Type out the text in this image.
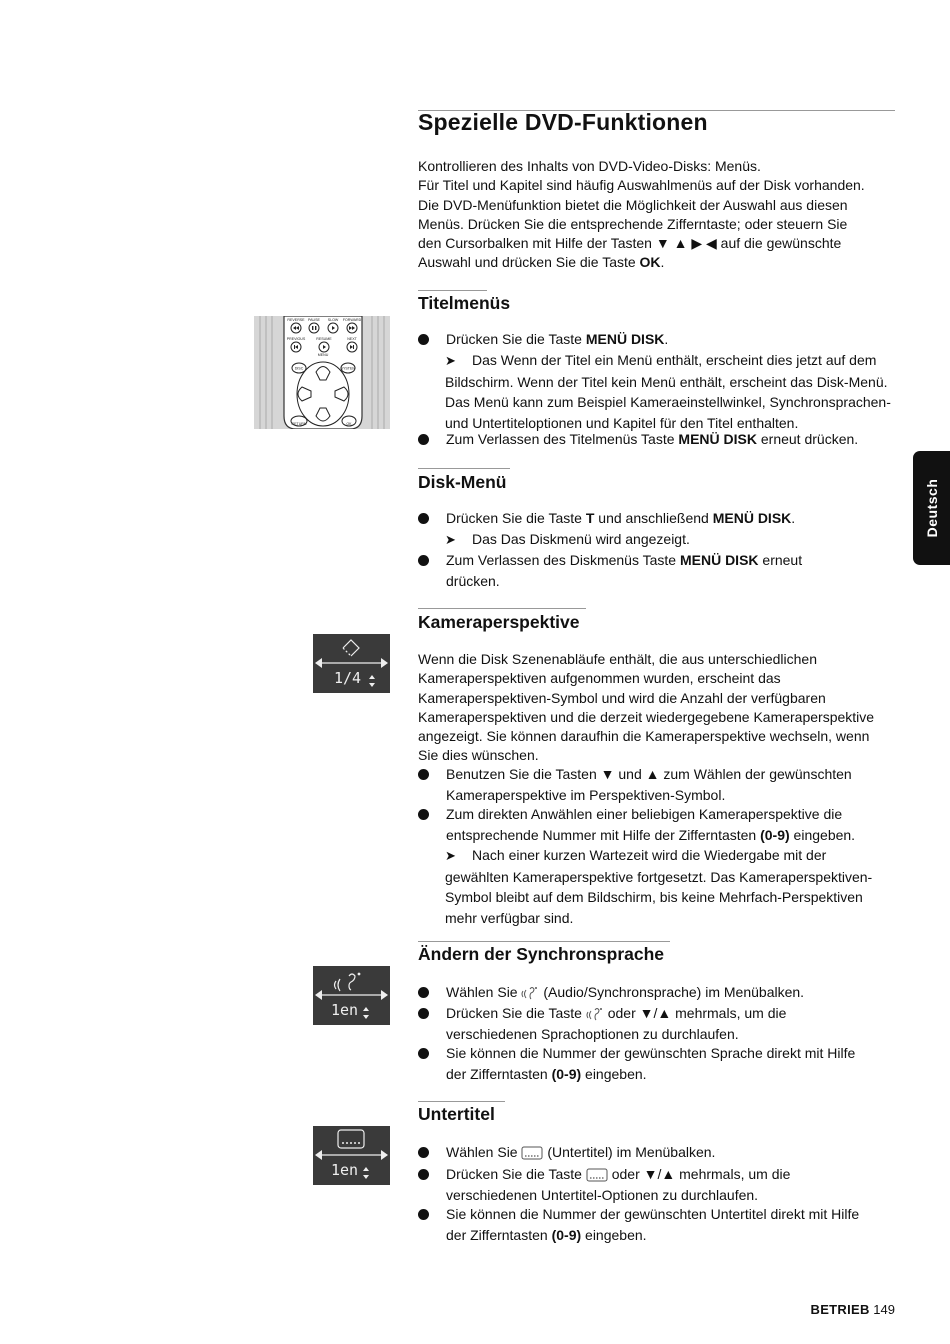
Spezielle DVD-Funktionen
Kontrollieren des Inhalts von DVD-Video-Disks: Menüs.
Für Titel und Kapitel sind häufig Auswahlmenüs auf der Disk vorhanden.
Die DVD-Menüfunktion bietet die Möglichkeit der Auswahl aus diesen
Menüs. Drücken Sie die entsprechende Zifferntaste; oder steuern Sie
den Cursorbalken mit Hilfe der Tasten ▼ ▲ ▶ ◀ auf die gewünschte
Auswahl und drücken Sie die Taste OK.
Titelmenüs
REVERSE PAUSE SLOW FORWARD
PREVIOUS	RESUME	NEXT
MENU
RETURN	OK
DISC	SYSTEM
Drücken Sie die Taste MENÜ DISK.
➤ Das Wenn der Titel ein Menü enthält, erscheint dies jetzt auf dem
Bildschirm. Wenn der Titel kein Menü enthält, erscheint das Disk-Menü.
Das Menü kann zum Beispiel Kameraeinstellwinkel, Synchronsprachen-
und Untertiteloptionen und Kapitel für den Titel enthalten.
Zum Verlassen des Titelmenüs Taste MENÜ DISK erneut drücken.
Disk-Menü
Drücken Sie die Taste T und anschließend MENÜ DISK.
➤ Das Das Diskmenü wird angezeigt.
Zum Verlassen des Diskmenüs Taste MENÜ DISK erneut
drücken.
Kameraperspektive
1/4
Wenn die Disk Szenenabläufe enthält, die aus unterschiedlichen
Kameraperspektiven aufgenommen wurden, erscheint das
Kameraperspektiven-Symbol und wird die Anzahl der verfügbaren
Kameraperspektiven und die derzeit wiedergegebene Kameraperspektive
angezeigt. Sie können daraufhin die Kameraperspektive wechseln, wenn
Sie dies wünschen.
Benutzen Sie die Tasten ▼ und ▲ zum Wählen der gewünschten
Kameraperspektive im Perspektiven-Symbol.
Zum direkten Anwählen einer beliebigen Kameraperspektive die
entsprechende Nummer mit Hilfe der Zifferntasten (0-9) eingeben.
➤ Nach einer kurzen Wartezeit wird die Wiedergabe mit der
gewählten Kameraperspektive fortgesetzt. Das Kameraperspektiven-
Symbol bleibt auf dem Bildschirm, bis keine Mehrfach-Perspektiven
mehr verfügbar sind.
Ändern der Synchronsprache
1en
Wählen Sie  (Audio/Synchronsprache) im Menübalken.
Drücken Sie die Taste  oder ▼/▲ mehrmals, um die
verschiedenen Sprachoptionen zu durchlaufen.
Sie können die Nummer der gewünschten Sprache direkt mit Hilfe
der Zifferntasten (0-9) eingeben.
Untertitel
1en
Wählen Sie  (Untertitel) im Menübalken.
Drücken Sie die Taste  oder ▼/▲ mehrmals, um die
verschiedenen Untertitel-Optionen zu durchlaufen.
Sie können die Nummer der gewünschten Untertitel direkt mit Hilfe
der Zifferntasten (0-9) eingeben.
Deutsch
BETRIEB 149
